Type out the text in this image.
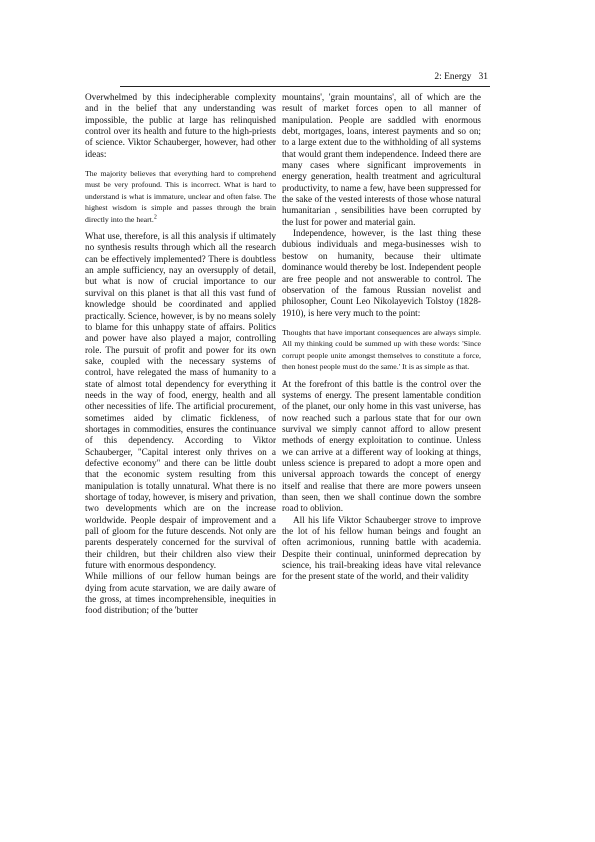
2: Energy 31

Overwhelmed by this indecipherable complexity and in the belief that any understanding was impossible, the public at large has relinquished control over its health and future to the high-priests of science. Viktor Schauberger, however, had other ideas:

The majority believes that everything hard to comprehend must be very profound. This is incorrect. What is hard to understand is what is immature, unclear and often false. The highest wisdom is simple and passes through the brain directly into the heart.$^2$

What use, therefore, is all this analysis if ultimately no synthesis results through which all the research can be effectively implemented? There is doubtless an ample sufficiency, nay an oversupply of detail, but what is now of crucial importance to our survival on this planet is that all this vast fund of knowledge should be coordinated and applied practically. Science, however, is by no means solely to blame for this unhappy state of affairs. Politics and power have also played a major, controlling role. The pursuit of profit and power for its own sake, coupled with the necessary systems of control, have relegated the mass of humanity to a state of almost total dependency for everything it needs in the way of food, energy, health and all other necessities of life. The artificial procurement, sometimes aided by climatic fickleness, of shortages in commodities, ensures the continuance of this dependency. According to Viktor Schauberger, "Capital interest only thrives on a defective economy" and there can be little doubt that the economic system resulting from this manipulation is totally unnatural. What there is no shortage of today, however, is misery and privation, two developments which are on the increase worldwide. People despair of improvement and a pall of gloom for the future descends. Not only are parents desperately concerned for the survival of their children, but their children also view their future with enormous despondency.

While millions of our fellow human beings are dying from acute starvation, we are daily aware of the gross, at times incomprehensible, inequities in food distribution; of the 'butter

mountains', 'grain mountains', all of which are the result of market forces open to all manner of manipulation. People are saddled with enormous debt, mortgages, loans, interest payments and so on; to a large extent due to the withholding of all systems that would grant them independence. Indeed there are many cases where significant improvements in energy generation, health treatment and agricultural productivity, to name a few, have been suppressed for the sake of the vested interests of those whose natural humanitarian , sensibilities have been corrupted by the lust for power and material gain.

Independence, however, is the last thing these dubious individuals and mega-businesses wish to bestow on humanity, because their ultimate dominance would thereby be lost. Independent people are free people and not answerable to control. The observation of the famous Russian novelist and philosopher, Count Leo Nikolayevich Tolstoy (1828-1910), is here very much to the point:

Thoughts that have important consequences are always simple. All my thinking could be summed up with these words: 'Since corrupt people unite amongst themselves to constitute a force, then honest people must do the same.' It is as simple as that.

At the forefront of this battle is the control over the systems of energy. The present lamentable condition of the planet, our only home in this vast universe, has now reached such a parlous state that for our own survival we simply cannot afford to allow present methods of energy exploitation to continue. Unless we can arrive at a different way of looking at things, unless science is prepared to adopt a more open and universal approach towards the concept of energy itself and realise that there are more powers unseen than seen, then we shall continue down the sombre road to oblivion.

All his life Viktor Schauberger strove to improve the lot of his fellow human beings and fought an often acrimonious, running battle with academia. Despite their continual, uninformed deprecation by science, his trail-breaking ideas have vital relevance for the present state of the world, and their validity
